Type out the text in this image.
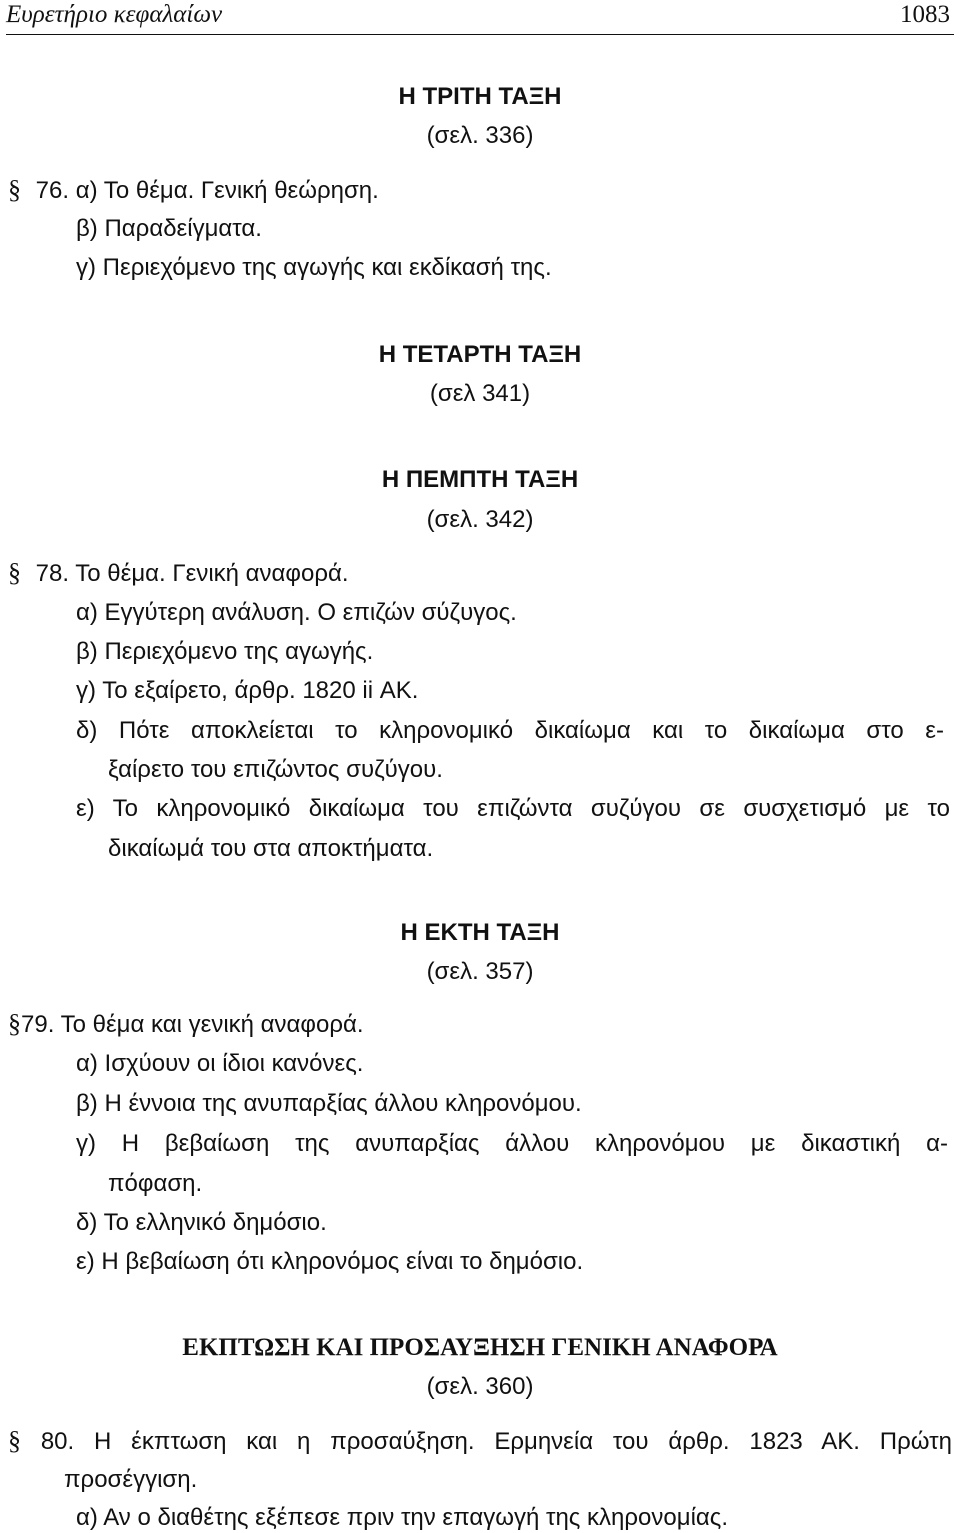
Ευρετήριο κεφαλαίων	1083
Η ΤΡΙΤΗ ΤΑΞΗ
(σελ. 336)
§ 76. α) Το θέμα. Γενική θεώρηση.
β) Παραδείγματα.
γ) Περιεχόμενο της αγωγής και εκδίκασή της.
Η ΤΕΤΑΡΤΗ ΤΑΞΗ
(σελ 341)
Η ΠΕΜΠΤΗ ΤΑΞΗ
(σελ. 342)
§ 78. Το θέμα. Γενική αναφορά.
α) Εγγύτερη ανάλυση. Ο επιζών σύζυγος.
β) Περιεχόμενο της αγωγής.
γ) Το εξαίρετο, άρθρ. 1820 ii ΑΚ.
δ) Πότε αποκλείεται το κληρονομικό δικαίωμα και το δικαίωμα στο ε-
ξαίρετο του επιζώντος συζύγου.
ε) Το κληρονομικό δικαίωμα του επιζώντα συζύγου σε συσχετισμό με το
δικαίωμά του στα αποκτήματα.
Η ΕΚΤΗ ΤΑΞΗ
(σελ. 357)
§79. Το θέμα και γενική αναφορά.
α) Ισχύουν οι ίδιοι κανόνες.
β) Η έννοια της ανυπαρξίας άλλου κληρονόμου.
γ) Η βεβαίωση της ανυπαρξίας άλλου κληρονόμου με δικαστική α-
πόφαση.
δ) Το ελληνικό δημόσιο.
ε) Η βεβαίωση ότι κληρονόμος είναι το δημόσιο.
ΕΚΠΤΩΣΗ ΚΑΙ ΠΡΟΣΑΥΞΗΣΗ ΓΕΝΙΚΗ ΑΝΑΦΟΡΑ
(σελ. 360)
§ 80. Η έκπτωση και η προσαύξηση. Ερμηνεία του άρθρ. 1823 ΑΚ. Πρώτη
προσέγγιση.
α) Αν ο διαθέτης εξέπεσε πριν την επαγωγή της κληρονομίας.
